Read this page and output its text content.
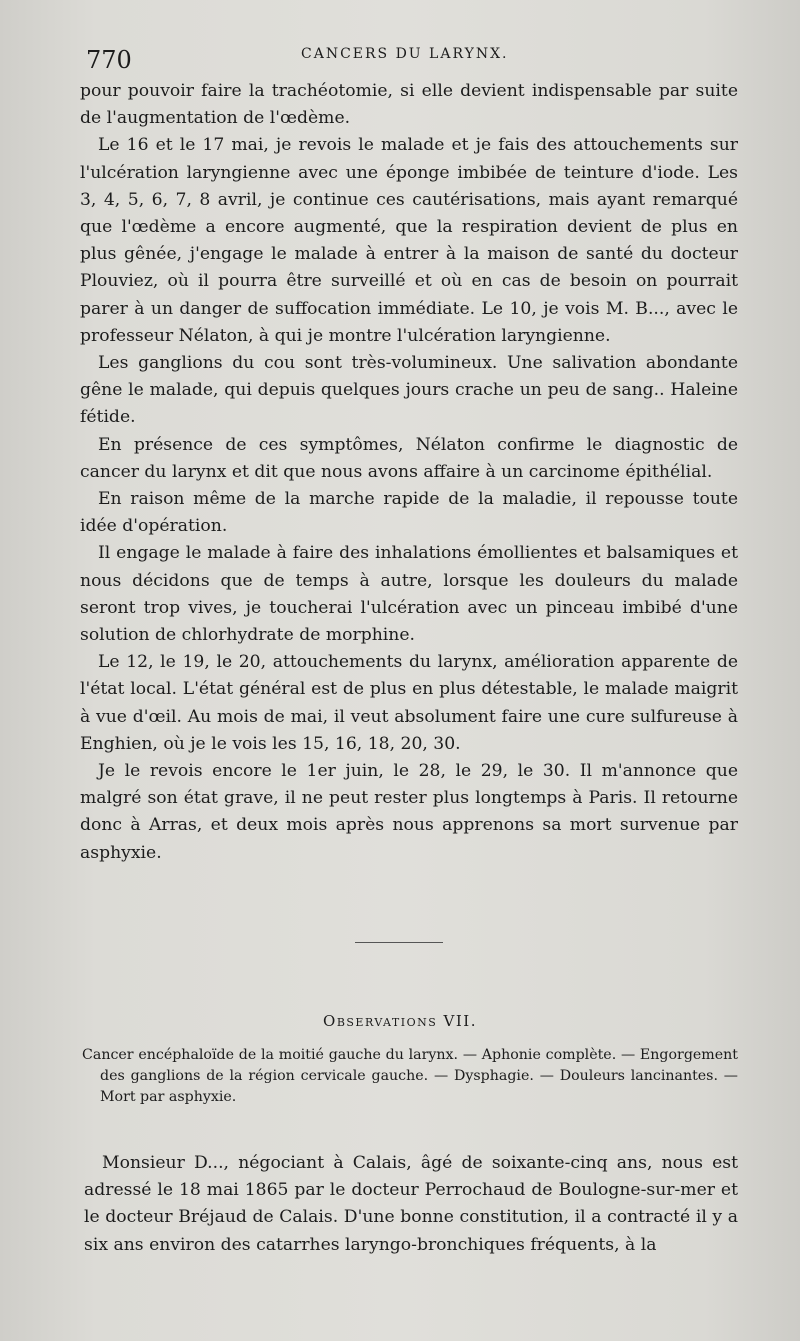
770	CANCERS DU LARYNX.

pour pouvoir faire la trachéotomie, si elle devient indispensable par suite de l'augmentation de l'œdème.

Le 16 et le 17 mai, je revois le malade et je fais des attouchements sur l'ulcération laryngienne avec une éponge imbibée de teinture d'iode. Les 3, 4, 5, 6, 7, 8 avril, je continue ces cautérisations, mais ayant remarqué que l'œdème a encore augmenté, que la respiration devient de plus en plus gênée, j'engage le malade à entrer à la maison de santé du docteur Plouviez, où il pourra être surveillé et où en cas de besoin on pourrait parer à un danger de suffocation immédiate. Le 10, je vois M. B..., avec le professeur Nélaton, à qui je montre l'ulcération laryngienne.

Les ganglions du cou sont très-volumineux. Une salivation abondante gêne le malade, qui depuis quelques jours crache un peu de sang.. Haleine fétide.

En présence de ces symptômes, Nélaton confirme le diagnostic de cancer du larynx et dit que nous avons affaire à un carcinome épithélial.

En raison même de la marche rapide de la maladie, il repousse toute idée d'opération.

Il engage le malade à faire des inhalations émollientes et balsamiques et nous décidons que de temps à autre, lorsque les douleurs du malade seront trop vives, je toucherai l'ulcération avec un pinceau imbibé d'une solution de chlorhydrate de morphine.

Le 12, le 19, le 20, attouchements du larynx, amélioration apparente de l'état local. L'état général est de plus en plus détestable, le malade maigrit à vue d'œil. Au mois de mai, il veut absolument faire une cure sulfureuse à Enghien, où je le vois les 15, 16, 18, 20, 30.

Je le revois encore le 1er juin, le 28, le 29, le 30. Il m'annonce que malgré son état grave, il ne peut rester plus longtemps à Paris. Il retourne donc à Arras, et deux mois après nous apprenons sa mort survenue par asphyxie.

Observations VII.

Cancer encéphaloïde de la moitié gauche du larynx. — Aphonie complète. — Engorgement des ganglions de la région cervicale gauche. — Dysphagie. — Douleurs lancinantes. — Mort par asphyxie.

Monsieur D..., négociant à Calais, âgé de soixante-cinq ans, nous est adressé le 18 mai 1865 par le docteur Perrochaud de Boulogne-sur-mer et le docteur Bréjaud de Calais. D'une bonne constitution, il a contracté il y a six ans environ des catarrhes laryngo-bronchiques fréquents, à la
